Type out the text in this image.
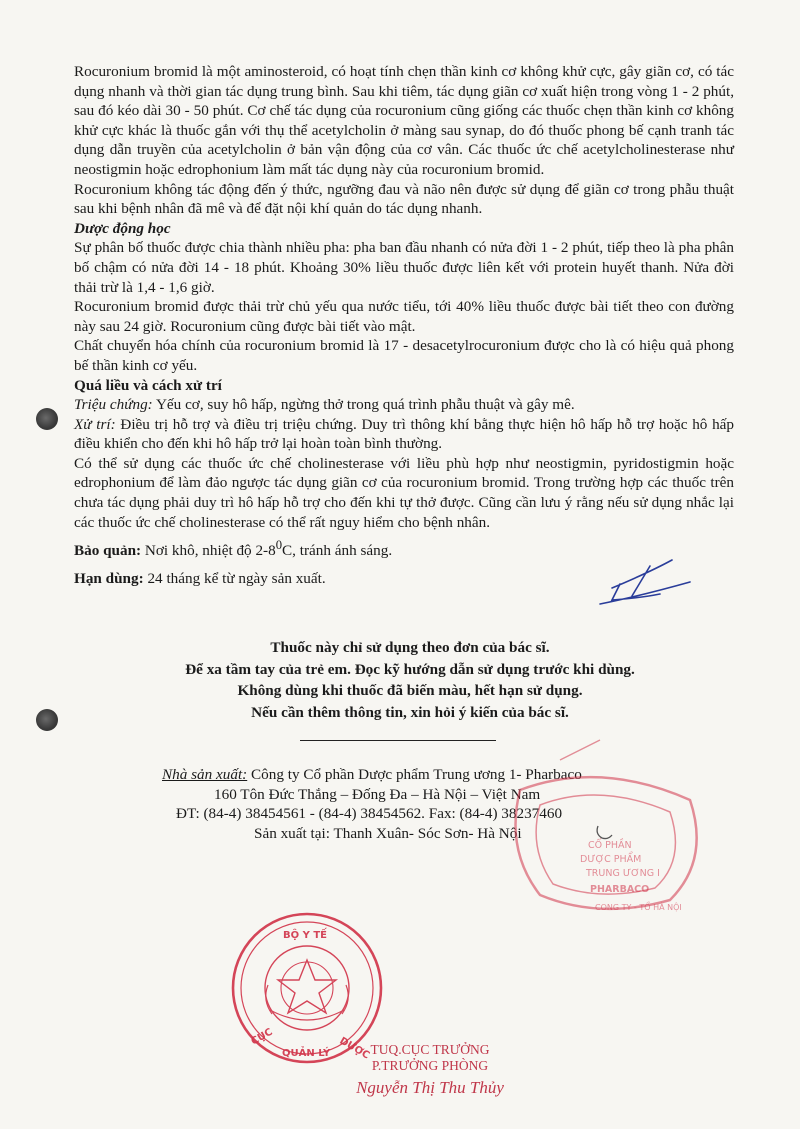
Rocuronium bromid là một aminosteroid, có hoạt tính chẹn thần kinh cơ không khử cực, gây giãn cơ, có tác dụng nhanh và thời gian tác dụng trung bình. Sau khi tiêm, tác dụng giãn cơ xuất hiện trong vòng 1 - 2 phút, sau đó kéo dài 30 - 50 phút. Cơ chế tác dụng của rocuronium cũng giống các thuốc chẹn thần kinh cơ không khử cực khác là thuốc gắn với thụ thể acetylcholin ở màng sau synap, do đó thuốc phong bế cạnh tranh tác dụng dẫn truyền của acetylcholin ở bản vận động của cơ vân. Các thuốc ức chế acetylcholinesterase như neostigmin hoặc edrophonium làm mất tác dụng này của rocuronium bromid.

Rocuronium không tác động đến ý thức, ngưỡng đau và não nên được sử dụng để giãn cơ trong phẫu thuật sau khi bệnh nhân đã mê và để đặt nội khí quản do tác dụng nhanh.

Dược động học

Sự phân bố thuốc được chia thành nhiều pha: pha ban đầu nhanh có nửa đời 1 - 2 phút, tiếp theo là pha phân bố chậm có nửa đời 14 - 18 phút. Khoảng 30% liều thuốc được liên kết với protein huyết thanh. Nửa đời thải trừ là 1,4 - 1,6 giờ.

Rocuronium bromid được thải trừ chủ yếu qua nước tiểu, tới 40% liều thuốc được bài tiết theo con đường này sau 24 giờ. Rocuronium cũng được bài tiết vào mật.

Chất chuyển hóa chính của rocuronium bromid là 17 - desacetylrocuronium được cho là có hiệu quả phong bế thần kinh cơ yếu.

Quá liều và cách xử trí

Triệu chứng: Yếu cơ, suy hô hấp, ngừng thở trong quá trình phẫu thuật và gây mê.

Xử trí: Điều trị hỗ trợ và điều trị triệu chứng. Duy trì thông khí bằng thực hiện hô hấp hỗ trợ hoặc hô hấp điều khiển cho đến khi hô hấp trở lại hoàn toàn bình thường.

Có thể sử dụng các thuốc ức chế cholinesterase với liều phù hợp như neostigmin, pyridostigmin hoặc edrophonium để làm đảo ngược tác dụng giãn cơ của rocuronium bromid. Trong trường hợp các thuốc trên chưa tác dụng phải duy trì hô hấp hỗ trợ cho đến khi tự thở được. Cũng cần lưu ý rằng nếu sử dụng nhắc lại các thuốc ức chế cholinesterase có thể rất nguy hiểm cho bệnh nhân.

Bảo quản: Nơi khô, nhiệt độ $2-8^0C$, tránh ánh sáng.

Hạn dùng: 24 tháng kể từ ngày sản xuất.

Thuốc này chỉ sử dụng theo đơn của bác sĩ.
Để xa tầm tay của trẻ em. Đọc kỹ hướng dẫn sử dụng trước khi dùng.
Không dùng khi thuốc đã biến màu, hết hạn sử dụng.
Nếu cần thêm thông tin, xin hỏi ý kiến của bác sĩ.
Nhà sản xuất: Công ty Cổ phần Dược phẩm Trung ương 1- Pharbaco
160 Tôn Đức Thắng – Đống Đa – Hà Nội – Việt Nam
ĐT: (84-4) 38454561 - (84-4) 38454562. Fax: (84-4) 38237460
Sản xuất tại: Thanh Xuân- Sóc Sơn- Hà Nội
CỔ PHẦN
DƯỢC PHẨM
TRUNG ƯƠNG I
PHARBACO
CONG TY - TỔ HÀ NỘI
BỘ Y TẾ
CỤC
QUẢN LÝ DƯỢC TUQ.CỤC TRƯỞNG
P.TRƯỞNG PHÒNG
Nguyễn Thị Thu Thủy
